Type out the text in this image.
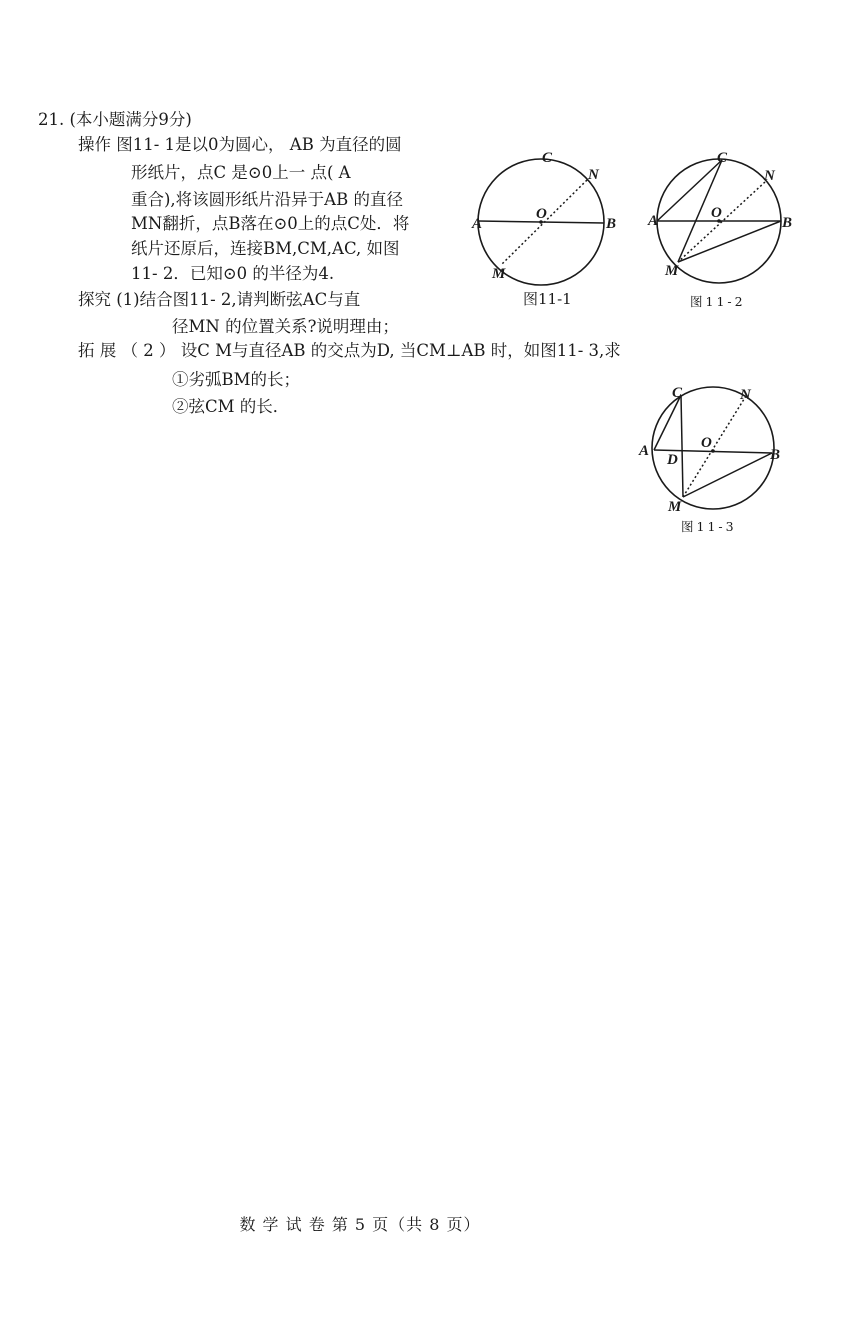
21. (本小题满分9分)
操作 图11- 1是以0为圆心， AB 为直径的圆
形纸片，点C 是⊙0上一 点( A
重合),将该圆形纸片沿异于AB 的直径
MN翻折，点B落在⊙0上的点C处．将
纸片还原后，连接BM,CM,AC, 如图
11- 2．已知⊙0 的半径为4.
探究 (1)结合图11- 2,请判断弦AC与直
径MN 的位置关系?说明理由；
拓 展 （ 2 ） 设C M与直径AB 的交点为D, 当CM⊥AB 时，如图11- 3,求
①劣弧BM的长；
②弦CM 的长．
C
N
A
O
B
M
图11-1
C
N
A	O
B
M
图11-2
C	N
A
D
O
B
M
图11-3
数 学 试 卷 第 5 页（共 8 页）
